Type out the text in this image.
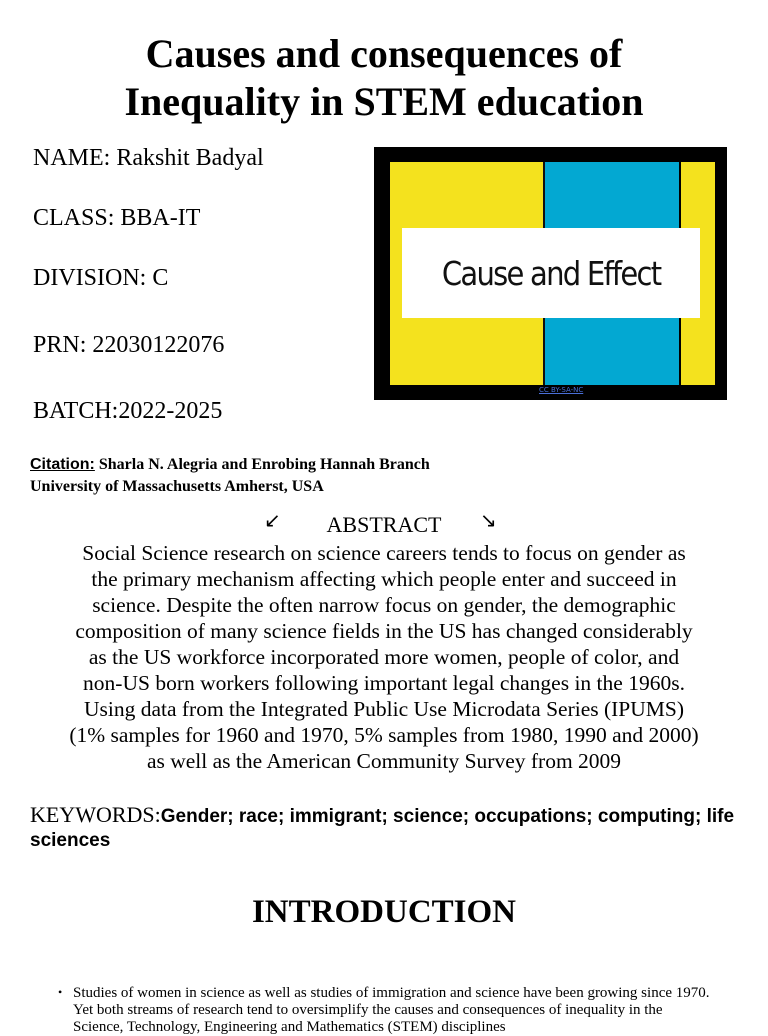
Causes and consequences of
Inequality in STEM education
NAME: Rakshit Badyal
CLASS: BBA-IT
DIVISION: C
PRN: 22030122076
BATCH:2022-2025
Cause and Effect
CC BY-SA-NC
Citation: Sharla N. Alegria and Enrobing Hannah Branch
University of Massachusetts Amherst, USA
↙	ABSTRACT	↘
Social Science research on science careers tends to focus on gender as
the primary mechanism affecting which people enter and succeed in
science. Despite the often narrow focus on gender, the demographic
composition of many science fields in the US has changed considerably
as the US workforce incorporated more women, people of color, and
non-US born workers following important legal changes in the 1960s.
Using data from the Integrated Public Use Microdata Series (IPUMS)
(1% samples for 1960 and 1970, 5% samples from 1980, 1990 and 2000)
as well as the American Community Survey from 2009
KEYWORDS:Gender; race; immigrant; science; occupations; computing; life sciences
INTRODUCTION
• Studies of women in science as well as studies of immigration and science have been growing since 1970. Yet both streams of research tend to oversimplify the causes and consequences of inequality in the Science, Technology, Engineering and Mathematics (STEM) disciplines
